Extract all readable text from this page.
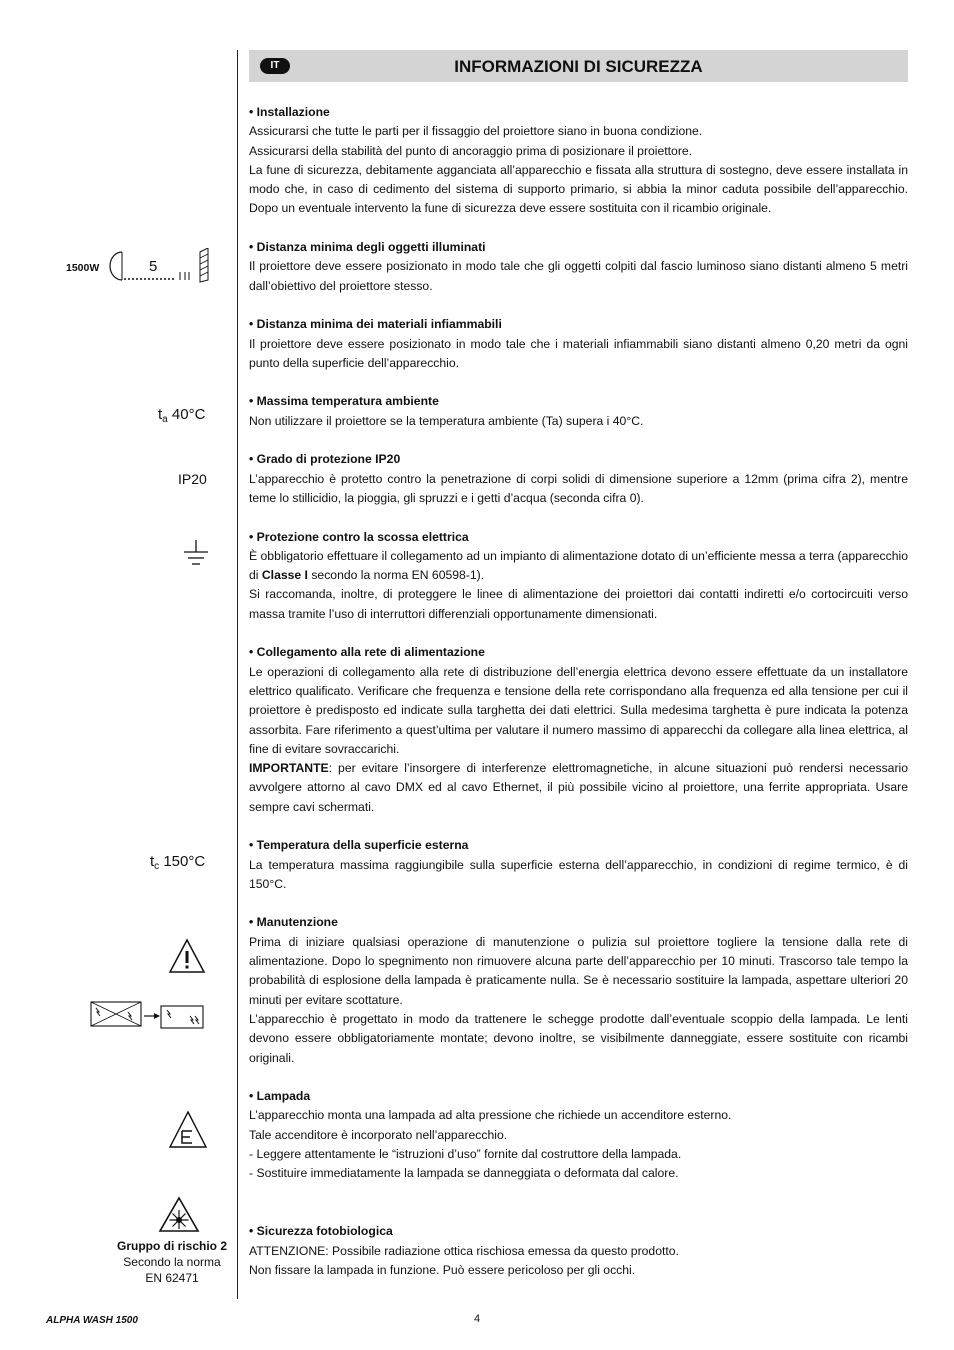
INFORMAZIONI DI SICUREZZA
IT
1500W	5
$t_a$ 40°C
IP20
$t_c$ 150°C
Gruppo di rischio 2
Secondo la norma
EN 62471
• Installazione

Assicurarsi che tutte le parti per il fissaggio del proiettore siano in buona condizione.

Assicurarsi della stabilità del punto di ancoraggio prima di posizionare il proiettore.

La fune di sicurezza, debitamente agganciata all’apparecchio e fissata alla struttura di sostegno, deve essere installata in modo che, in caso di cedimento del sistema di supporto primario, si abbia la minor caduta possibile dell’apparecchio. Dopo un eventuale intervento la fune di sicurezza deve essere sostituita con il ricambio originale.

• Distanza minima degli oggetti illuminati

Il proiettore deve essere posizionato in modo tale che gli oggetti colpiti dal fascio luminoso siano distanti almeno 5 metri dall’obiettivo del proiettore stesso.

• Distanza minima dei materiali infiammabili

Il proiettore deve essere posizionato in modo tale che i materiali infiammabili siano distanti almeno 0,20 metri da ogni punto della superficie dell’apparecchio.

• Massima temperatura ambiente

Non utilizzare il proiettore se la temperatura ambiente (Ta) supera i 40°C.

• Grado di protezione IP20

L’apparecchio è protetto contro la penetrazione di corpi solidi di dimensione superiore a 12mm (prima cifra 2), mentre teme lo stillicidio, la pioggia, gli spruzzi e i getti d’acqua (seconda cifra 0).

• Protezione contro la scossa elettrica

È obbligatorio effettuare il collegamento ad un impianto di alimentazione dotato di un’efficiente messa a terra (apparecchio di Classe I secondo la norma EN 60598-1).

Si raccomanda, inoltre, di proteggere le linee di alimentazione dei proiettori dai contatti indiretti e/o cortocircuiti verso massa tramite l’uso di interruttori differenziali opportunamente dimensionati.

• Collegamento alla rete di alimentazione

Le operazioni di collegamento alla rete di distribuzione dell’energia elettrica devono essere effettuate da un installatore elettrico qualificato. Verificare che frequenza e tensione della rete corrispondano alla frequenza ed alla tensione per cui il proiettore è predisposto ed indicate sulla targhetta dei dati elettrici. Sulla medesima targhetta è pure indicata la potenza assorbita. Fare riferimento a quest’ultima per valutare il numero massimo di apparecchi da collegare alla linea elettrica, al fine di evitare sovraccarichi.

IMPORTANTE: per evitare l’insorgere di interferenze elettromagnetiche, in alcune situazioni può rendersi necessario avvolgere attorno al cavo DMX ed al cavo Ethernet, il più possibile vicino al proiettore, una ferrite appropriata. Usare sempre cavi schermati.

• Temperatura della superficie esterna

La temperatura massima raggiungibile sulla superficie esterna dell’apparecchio, in condizioni di regime termico, è di 150°C.

• Manutenzione

Prima di iniziare qualsiasi operazione di manutenzione o pulizia sul proiettore togliere la tensione dalla rete di alimentazione. Dopo lo spegnimento non rimuovere alcuna parte dell’apparecchio per 10 minuti. Trascorso tale tempo la probabilità di esplosione della lampada è praticamente nulla. Se è necessario sostituire la lampada, aspettare ulteriori 20 minuti per evitare scottature.

L’apparecchio è progettato in modo da trattenere le schegge prodotte dall’eventuale scoppio della lampada. Le lenti devono essere obbligatoriamente montate; devono inoltre, se visibilmente danneggiate, essere sostituite con ricambi originali.

• Lampada

L’apparecchio monta una lampada ad alta pressione che richiede un accenditore esterno.

Tale accenditore è incorporato nell’apparecchio.

- Leggere attentamente le “istruzioni d’uso” fornite dal costruttore della lampada.

- Sostituire immediatamente la lampada se danneggiata o deformata dal calore.

• Sicurezza fotobiologica

ATTENZIONE: Possibile radiazione ottica rischiosa emessa da questo prodotto.

Non fissare la lampada in funzione. Può essere pericoloso per gli occhi.

ALPHA WASH 1500	4
